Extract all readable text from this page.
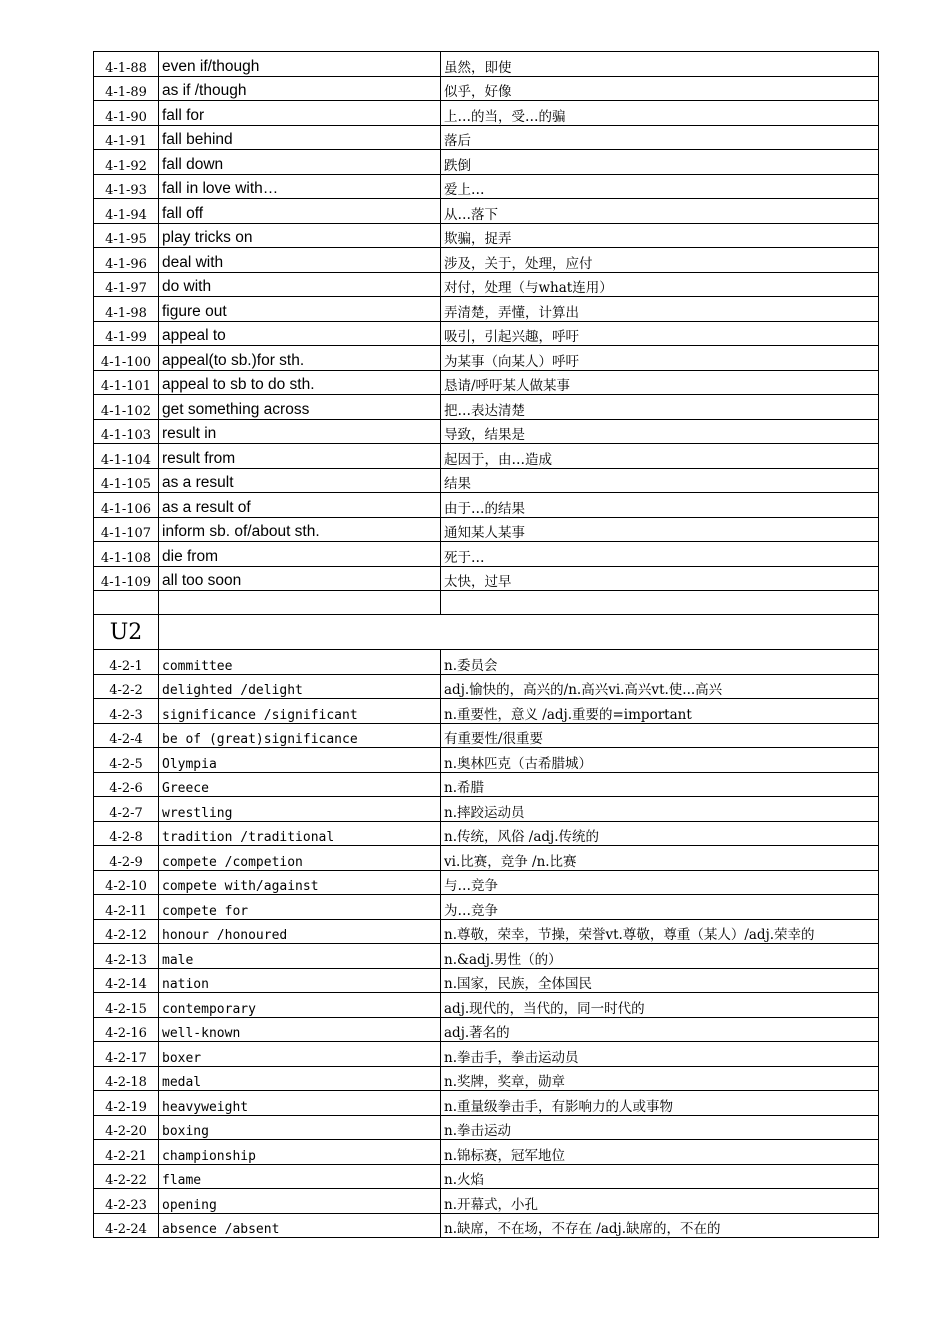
4-1-88	even if/though	虽然，即使
4-1-89	as if /though	似乎，好像
4-1-90	fall for	上…的当，受…的骗
4-1-91	fall behind	落后
4-1-92	fall down	跌倒
4-1-93	fall in love with…	爱上…
4-1-94	fall off	从…落下
4-1-95	play tricks on	欺骗，捉弄
4-1-96	deal with	涉及，关于，处理，应付
4-1-97	do with	对付，处理（与what连用）
4-1-98	figure out	弄清楚，弄懂，计算出
4-1-99	appeal to	吸引，引起兴趣，呼吁
4-1-100	appeal(to sb.)for sth.	为某事（向某人）呼吁
4-1-101	appeal to sb to do sth.	恳请/呼吁某人做某事
4-1-102	get something across	把…表达清楚
4-1-103	result in	导致，结果是
4-1-104	result from	起因于，由…造成
4-1-105	as a result	结果
4-1-106	as a result of	由于…的结果
4-1-107	inform sb. of/about sth.	通知某人某事
4-1-108	die from	死于…
4-1-109	all too soon	太快，过早

U2		
4-2-1	committee	n.委员会
4-2-2	delighted /delight	adj.愉快的，高兴的/n.高兴vi.高兴vt.使...高兴
4-2-3	significance /significant	n.重要性，意义 /adj.重要的=important
4-2-4	be of (great)significance	有重要性/很重要
4-2-5	Olympia	n.奥林匹克（古希腊城）
4-2-6	Greece	n.希腊
4-2-7	wrestling	n.摔跤运动员
4-2-8	tradition /traditional	n.传统，风俗 /adj.传统的
4-2-9	compete /competion	vi.比赛，竞争 /n.比赛
4-2-10	compete with/against	与…竞争
4-2-11	compete for	为…竞争
4-2-12	honour /honoured	n.尊敬，荣幸，节操，荣誉vt.尊敬，尊重（某人）/adj.荣幸的
4-2-13	male	n.&adj.男性（的）
4-2-14	nation	n.国家，民族，全体国民
4-2-15	contemporary	adj.现代的，当代的，同一时代的
4-2-16	well-known	adj.著名的
4-2-17	boxer	n.拳击手，拳击运动员
4-2-18	medal	n.奖牌，奖章，勋章
4-2-19	heavyweight	n.重量级拳击手，有影响力的人或事物
4-2-20	boxing	n.拳击运动
4-2-21	championship	n.锦标赛，冠军地位
4-2-22	flame	n.火焰
4-2-23	opening	n.开幕式，小孔
4-2-24	absence /absent	n.缺席，不在场，不存在 /adj.缺席的，不在的
